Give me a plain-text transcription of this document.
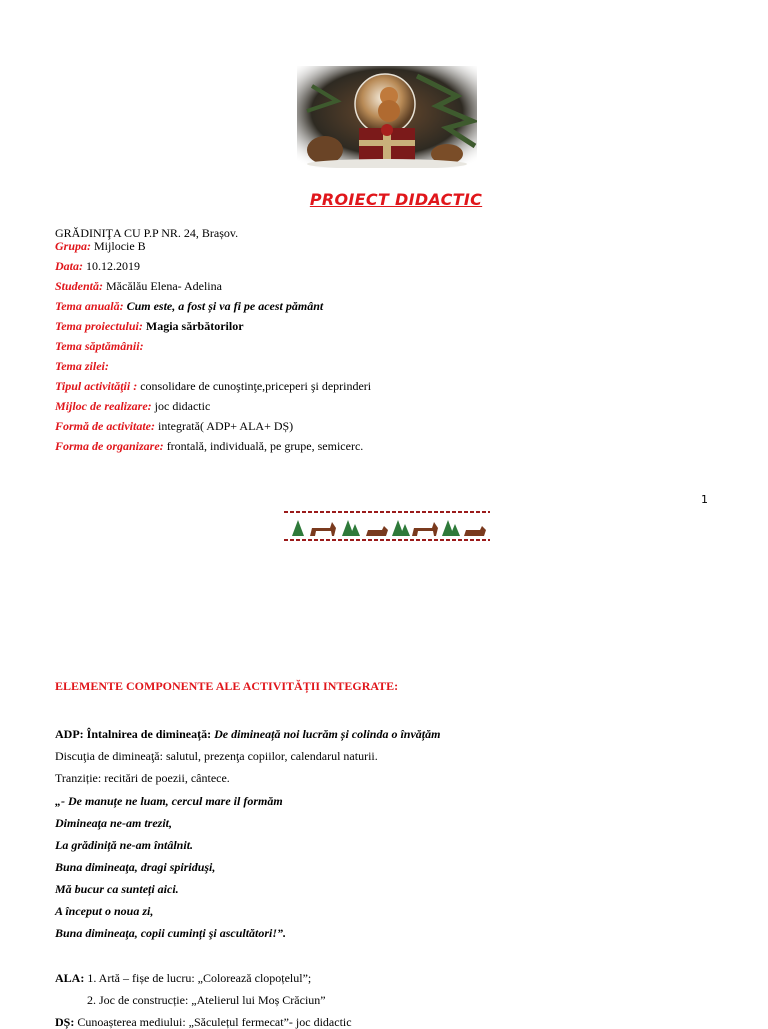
PROIECT DIDACTIC
GRĂDINIŢA CU P.P NR. 24, Brașov.
Grupa: Mijlocie B
Data: 10.12.2019
Studentă: Măcălău Elena- Adelina
Tema anuală: Cum este, a fost și va fi pe acest pământ
Tema proiectului: Magia sărbătorilor
Tema săptămânii:
Tema zilei:
Tipul activităţii : consolidare de cunoştinţe,priceperi şi deprinderi
Mijloc de realizare: joc didactic
Formă de activitate: integrată( ADP+ ALA+ DȘ)
Forma de organizare: frontală, individuală, pe grupe, semicerc.
1
ELEMENTE COMPONENTE ALE ACTIVITĂȚII INTEGRATE:
ADP: Întalnirea de dimineață: De dimineață noi lucrăm și colinda o învățăm
Discuţia de dimineaţă: salutul, prezenţa copiilor, calendarul naturii.
Tranziție: recitări de poezii, cântece.
„- De manuțe ne luam, cercul mare il formăm
Dimineaţa ne-am trezit,
La grădiniță ne-am întâlnit.
Buna dimineaţa, dragi spiriduşi,
Mă bucur ca sunteți aici.
A început o noua zi,
Buna dimineaţa, copii cuminți şi ascultători!”.
ALA: 1. Artă – fișe de lucru: „Colorează clopoțelul”;
2. Joc de construcție: „Atelierul lui Moș Crăciun”
DȘ: Cunoașterea mediului: „Săculețul fermecat”- joc didactic
